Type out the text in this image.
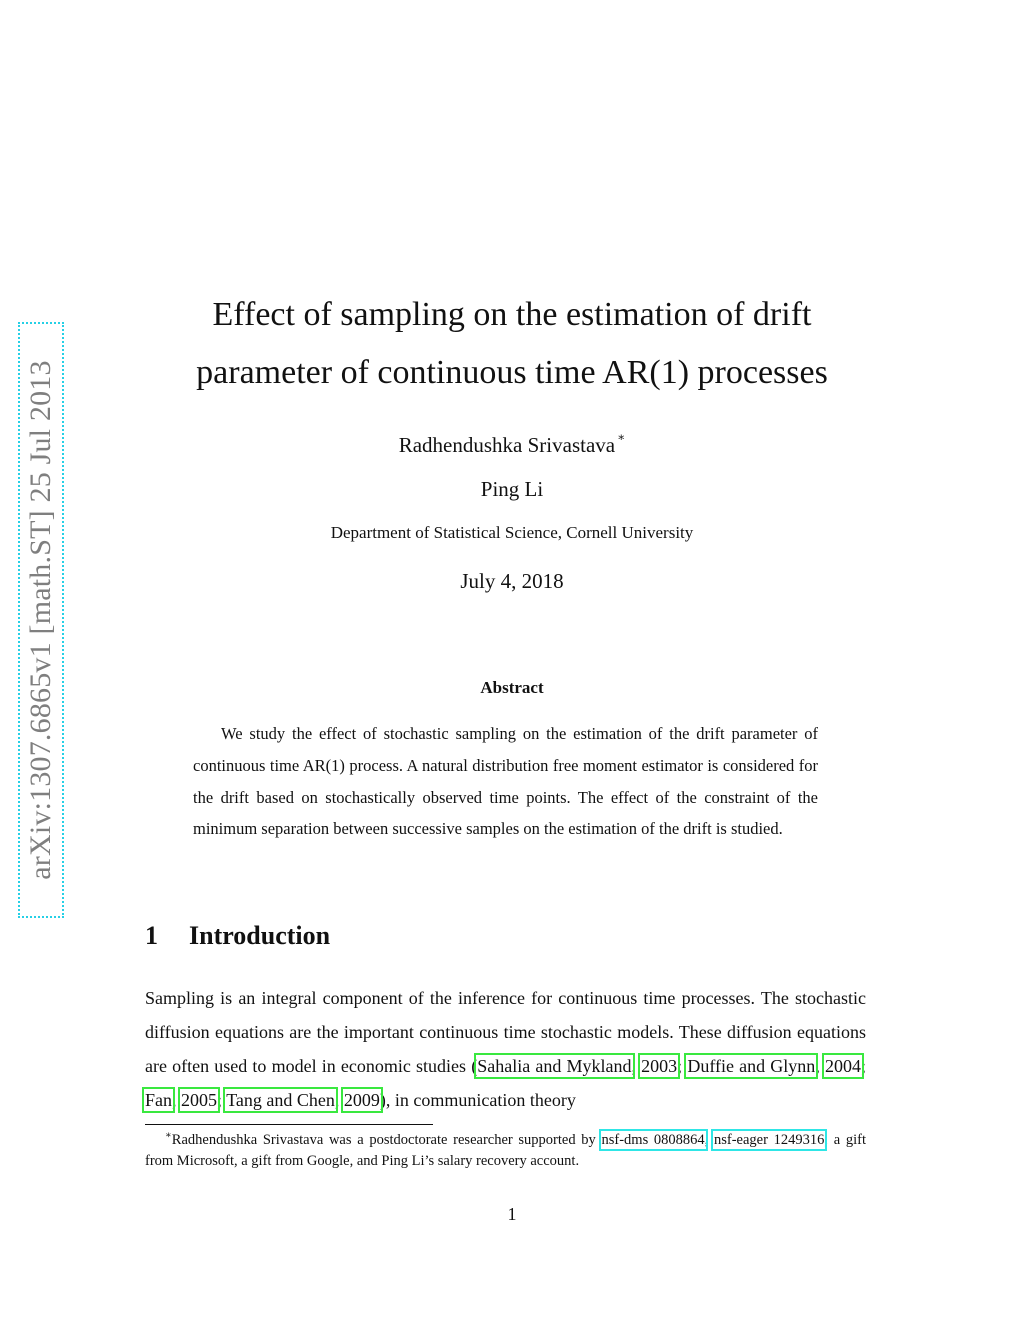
arXiv:1307.6865v1 [math.ST] 25 Jul 2013
Effect of sampling on the estimation of drift
parameter of continuous time AR(1) processes
Radhendushka Srivastava ∗
Ping Li
Department of Statistical Science, Cornell University
July 4, 2018
Abstract

We study the effect of stochastic sampling on the estimation of the drift parameter of continuous time AR(1) process. A natural distribution free moment estimator is considered for the drift based on stochastically observed time points. The effect of the constraint of the minimum separation between successive samples on the estimation of the drift is studied.

1 Introduction

Sampling is an integral component of the inference for continuous time processes. The stochastic diffusion equations are the important continuous time stochastic models. These diffusion equations are often used to model in economic studies (Sahalia and Mykland, 2003; Duffie and Glynn, 2004; Fan, 2005; Tang and Chen, 2009), in communication theory

∗Radhendushka Srivastava was a postdoctorate researcher supported by nsf-dms 0808864, nsf-eager 1249316, a gift from Microsoft, a gift from Google, and Ping Li’s salary recovery account.

1
